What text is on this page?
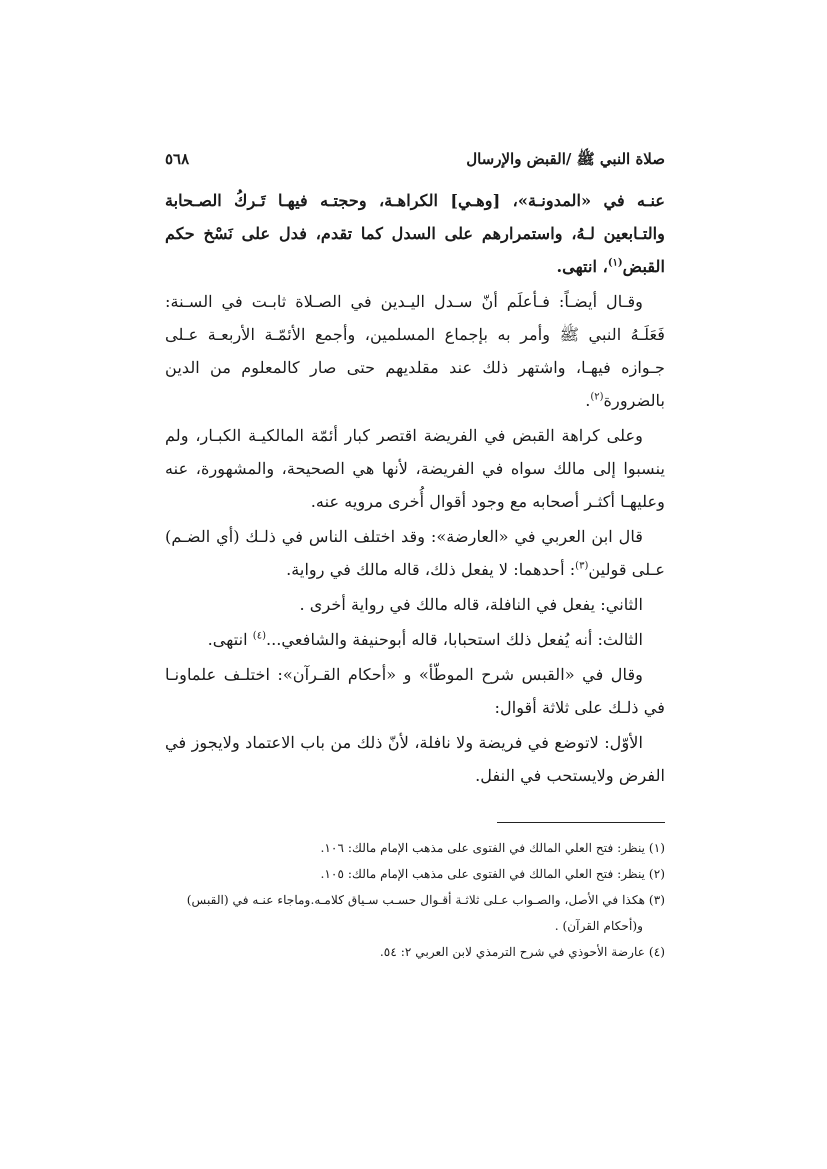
٥٦٨	صلاة النبي ﷺ /القبض والإرسال

عنـه في «المدونـة»، [وهـي] الكراهـة، وحجتـه فيهـا تَـركُ الصـحابة والتـابعين لـهُ، واستمرارهم على السدل كما تقدم، فدل على نَسْخ حكم القبض$^{(١)}$، انتهى.

وقـال أيضـاً: فـأعلَم أنّ سـدل اليـدين في الصـلاة ثابـت في السـنة: فَعَلَـهُ النبي ﷺ وأمر به بإجماع المسلمين، وأجمع الأئمّـة الأربعـة عـلى جـوازه فيهـا، واشتهر ذلك عند مقلديهم حتى صار كالمعلوم من الدين بالضرورة$^{(٢)}$.

وعلى كراهة القبض في الفريضة اقتصر كبار أئمّة المالكيـة الكبـار، ولم ينسبوا إلى مالك سواه في الفريضة، لأنها هي الصحيحة، والمشهورة، عنه وعليهـا أكثـر أصحابه مع وجود أقوال أُخرى مرويه عنه.

قال ابن العربي في «العارضة»: وقد اختلف الناس في ذلـك (أي الضـم) عـلى قولين$^{(٣)}$: أحدهما: لا يفعل ذلك، قاله مالك في رواية.

الثاني: يفعل في النافلة، قاله مالك في رواية أخرى .

الثالث: أنه يُفعل ذلك استحبابا، قاله أبوحنيفة والشافعي...$^{(٤)}$ انتهى.

وقال في «القبس شرح الموطّأ» و «أحكام القـرآن»: اختلـف علماونـا في ذلـك على ثلاثة أقوال:

الأوّل: لاتوضع في فريضة ولا نافلة، لأنّ ذلك من باب الاعتماد ولايجوز في الفرض ولايستحب في النفل.

(١) ينظر: فتح العلي المالك في الفتوى على مذهب الإمام مالك: ١٠٦.
(٢) ينظر: فتح العلي المالك في الفتوى على مذهب الإمام مالك: ١٠٥.
(٣) هكذا في الأصل، والصـواب عـلى ثلاثـة أقـوال حسـب سـياق كلامـه.وماجاء عنـه في (القبس)
و(أحكام القرآن) .
(٤) عارضة الأحوذي في شرح الترمذي لابن العربي ٢: ٥٤.
